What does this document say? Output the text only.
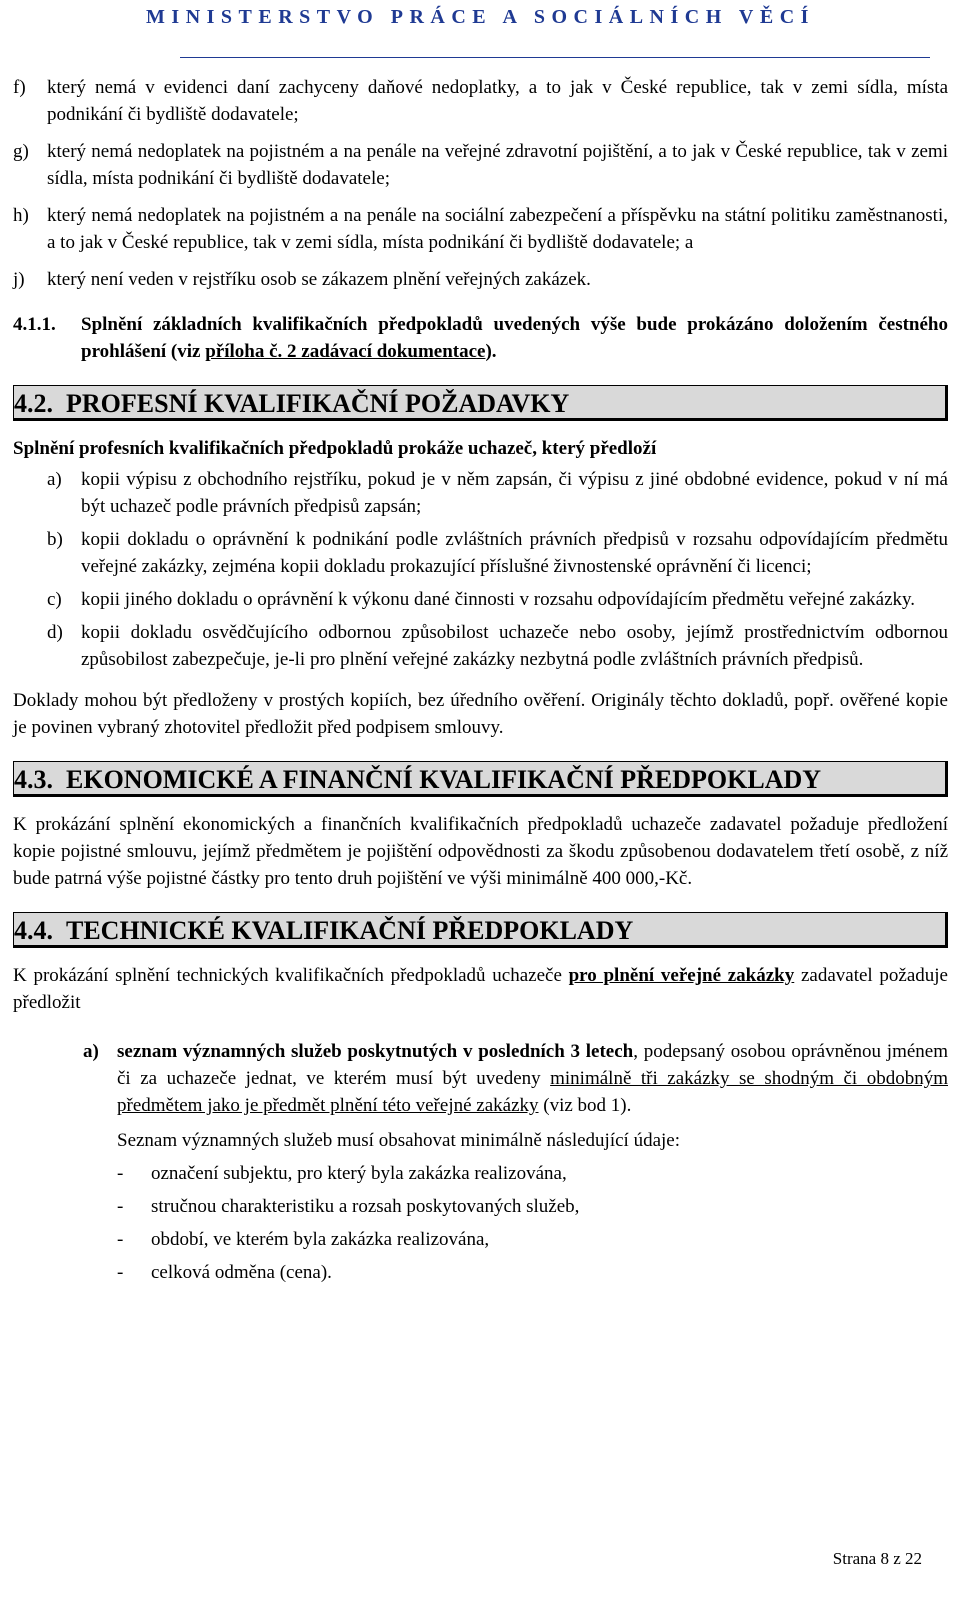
MINISTERSTVO PRÁCE A SOCIÁLNÍCH VĚCÍ
f)	který nemá v evidenci daní zachyceny daňové nedoplatky, a to jak v České republice, tak v zemi sídla, místa podnikání či bydliště dodavatele;
g) který nemá nedoplatek na pojistném a na penále na veřejné zdravotní pojištění, a to jak v České republice, tak v zemi sídla, místa podnikání či bydliště dodavatele;
h) který nemá nedoplatek na pojistném a na penále na sociální zabezpečení a příspěvku na státní politiku zaměstnanosti, a to jak v České republice, tak v zemi sídla, místa podnikání či bydliště dodavatele; a
j)	který není veden v rejstříku osob se zákazem plnění veřejných zakázek.
4.1.1.	Splnění základních kvalifikačních předpokladů uvedených výše bude prokázáno doložením čestného prohlášení (viz příloha č. 2 zadávací dokumentace).
4.2. PROFESNÍ KVALIFIKAČNÍ POŽADAVKY

Splnění profesních kvalifikačních předpokladů prokáže uchazeč, který předloží

a)	kopii výpisu z obchodního rejstříku, pokud je v něm zapsán, či výpisu z jiné obdobné evidence, pokud v ní má být uchazeč podle právních předpisů zapsán;
b) kopii dokladu o oprávnění k podnikání podle zvláštních právních předpisů v rozsahu odpovídajícím předmětu veřejné zakázky, zejména kopii dokladu prokazující příslušné živnostenské oprávnění či licenci;
c)	kopii jiného dokladu o oprávnění k výkonu dané činnosti v rozsahu odpovídajícím předmětu veřejné zakázky.
d) kopii dokladu osvědčujícího odbornou způsobilost uchazeče nebo osoby, jejímž prostřednictvím odbornou způsobilost zabezpečuje, je-li pro plnění veřejné zakázky nezbytná podle zvláštních právních předpisů.

Doklady mohou být předloženy v prostých kopiích, bez úředního ověření. Originály těchto dokladů, popř. ověřené kopie je povinen vybraný zhotovitel předložit před podpisem smlouvy.

4.3. EKONOMICKÉ A FINANČNÍ KVALIFIKAČNÍ PŘEDPOKLADY

K prokázání splnění ekonomických a finančních kvalifikačních předpokladů uchazeče zadavatel požaduje předložení kopie pojistné smlouvu, jejímž předmětem je pojištění odpovědnosti za škodu způsobenou dodavatelem třetí osobě, z níž bude patrná výše pojistné částky pro tento druh pojištění ve výši minimálně 400 000,-Kč.

4.4. TECHNICKÉ KVALIFIKAČNÍ PŘEDPOKLADY

K prokázání splnění technických kvalifikačních předpokladů uchazeče pro plnění veřejné zakázky zadavatel požaduje předložit

a) seznam významných služeb poskytnutých v posledních 3 letech, podepsaný osobou oprávněnou jménem či za uchazeče jednat, ve kterém musí být uvedeny minimálně tři zakázky se shodným či obdobným předmětem jako je předmět plnění této veřejné zakázky (viz bod 1).

Seznam významných služeb musí obsahovat minimálně následující údaje:

-	označení subjektu, pro který byla zakázka realizována,
-	stručnou charakteristiku a rozsah poskytovaných služeb,
-	období, ve kterém byla zakázka realizována,
-	celková odměna (cena).
Strana 8 z 22
